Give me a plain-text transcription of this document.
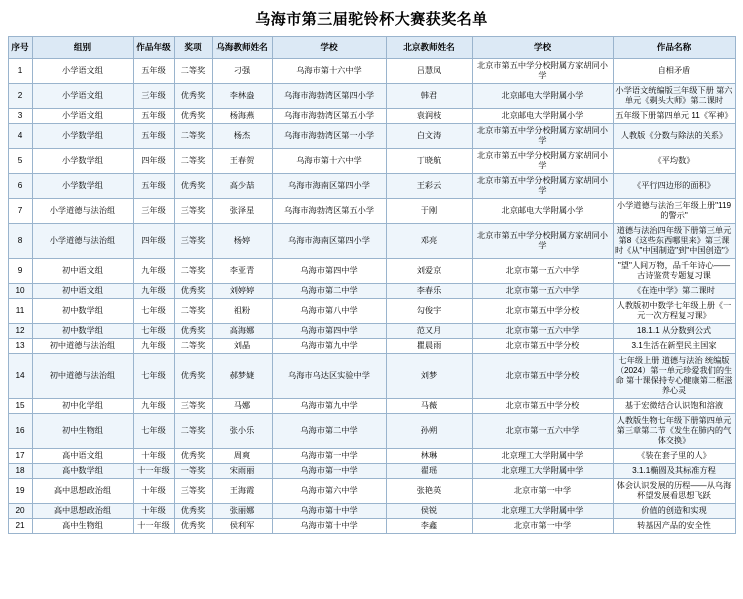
乌海市第三届驼铃杯大赛获奖名单
序号	组别	作品年级	奖项	乌海教师姓名	学校	北京教师姓名	学校	作品名称
1	小学语文组	五年级	二等奖	刁强	乌海市第十六中学	吕慧凤	北京市第五中学分校附属方家胡同小学	自相矛盾
2	小学语文组	三年级	优秀奖	李林盎	乌海市海勃湾区第四小学	韩君	北京邮电大学附属小学	小学语文统编版三年级下册 第六单元《剃头大师》第二课时
3	小学语文组	五年级	优秀奖	杨海燕	乌海市海勃湾区第五小学	袁润枝	北京邮电大学附属小学	五年级下册第四单元 11《军神》
4	小学数学组	五年级	二等奖	杨杰	乌海市海勃湾区第一小学	白文涛	北京市第五中学分校附属方家胡同小学	人教版《分数与除法的关系》
5	小学数学组	四年级	二等奖	王春贺	乌海市第十六中学	丁晓航	北京市第五中学分校附属方家胡同小学	《平均数》
6	小学数学组	五年级	优秀奖	高少喆	乌海市海南区第四小学	王彩云	北京市第五中学分校附属方家胡同小学	《平行四边形的面积》
7	小学道德与法治组	三年级	三等奖	张泽星	乌海市海勃湾区第五小学	于刚	北京邮电大学附属小学	小学道德与法治三年级上册"119的警示"
8	小学道德与法治组	四年级	三等奖	杨婷	乌海市海南区第四小学	邓亮	北京市第五中学分校附属方家胡同小学	道德与法治四年级下册第三单元第8《这些东西哪里来》第三课时《从"中国制造"到"中国创造"》
9	初中语文组	九年级	二等奖	李亚青	乌海市第四中学	刘爱京	北京市第一五六中学	"望"人间万物，品千年诗心——古诗鉴赏专题复习课
10	初中语文组	九年级	优秀奖	刘婷婷	乌海市第二中学	李春乐	北京市第一五六中学	《在连中学》第二课时
11	初中数学组	七年级	二等奖	祖粉	乌海市第八中学	勾俊宇	北京市第五中学分校	人教版初中数学七年级上册《一元一次方程复习课》
12	初中数学组	七年级	优秀奖	高海娜	乌海市第四中学	范又月	北京市第一五六中学	18.1.1 从分数到公式
13	初中道德与法治组	九年级	二等奖	刘晶	乌海市第九中学	瞿晨雨	北京市第五中学分校	3.1生活在新型民主国家
14	初中道德与法治组	七年级	优秀奖	郝梦婕	乌海市乌达区实验中学	刘梦	北京市第五中学分校	七年级上册 道德与法治 统编版（2024）第一单元珍爱我们的生命 第十课保持专心健康第二框滋养心灵
15	初中化学组	九年级	三等奖	马娜	乌海市第九中学	马薇	北京市第五中学分校	基于宏微结合认识饱和溶液
16	初中生物组	七年级	二等奖	张小乐	乌海市第二中学	孙朔	北京市第一五六中学	人教版生物七年级下册第四单元第三章第二节《发生在肺内的气体交换》
17	高中语文组	十年级	优秀奖	周爽	乌海市第一中学	林琳	北京理工大学附属中学	《装在套子里的人》
18	高中数学组	十一年级	一等奖	宋雨丽	乌海市第一中学	翟瑶	北京理工大学附属中学	3.1.1椭圆及其标准方程
19	高中思想政治组	十年级	三等奖	王海霞	乌海市第六中学	张艳英	北京市第一中学	体会认识发展的历程——从乌海杯望发展看思想飞跃
20	高中思想政治组	十年级	优秀奖	张丽娜	乌海市第十中学	侯锐	北京理工大学附属中学	价值的创造和实现
21	高中生物组	十一年级	优秀奖	侯利军	乌海市第十中学	李鑫	北京市第一中学	转基因产品的安全性
